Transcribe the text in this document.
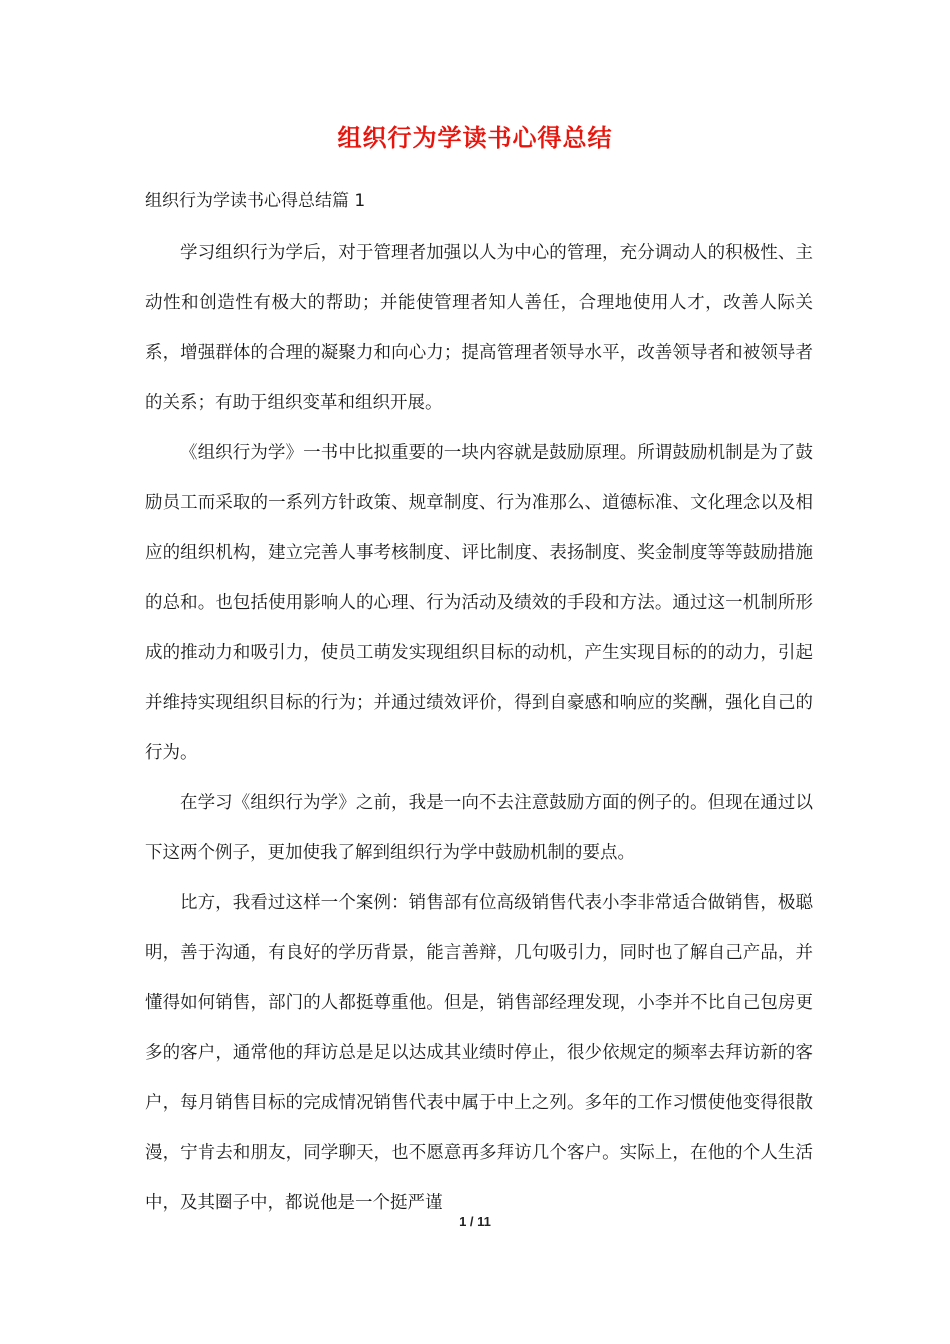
组织行为学读书心得总结
组织行为学读书心得总结篇 1

学习组织行为学后，对于管理者加强以人为中心的管理，充分调动人的积极性、主动性和创造性有极大的帮助；并能使管理者知人善任，合理地使用人才，改善人际关系，增强群体的合理的凝聚力和向心力；提高管理者领导水平，改善领导者和被领导者的关系；有助于组织变革和组织开展。

《组织行为学》一书中比拟重要的一块内容就是鼓励原理。所谓鼓励机制是为了鼓励员工而采取的一系列方针政策、规章制度、行为准那么、道德标准、文化理念以及相应的组织机构，建立完善人事考核制度、评比制度、表扬制度、奖金制度等等鼓励措施的总和。也包括使用影响人的心理、行为活动及绩效的手段和方法。通过这一机制所形成的推动力和吸引力，使员工萌发实现组织目标的动机，产生实现目标的的动力，引起并维持实现组织目标的行为；并通过绩效评价，得到自豪感和响应的奖酬，强化自己的行为。

在学习《组织行为学》之前，我是一向不去注意鼓励方面的例子的。但现在通过以下这两个例子，更加使我了解到组织行为学中鼓励机制的要点。

比方，我看过这样一个案例：销售部有位高级销售代表小李非常适合做销售，极聪明，善于沟通，有良好的学历背景，能言善辩，几句吸引力，同时也了解自己产品，并懂得如何销售，部门的人都挺尊重他。但是，销售部经理发现，小李并不比自己包房更多的客户，通常他的拜访总是足以达成其业绩时停止，很少依规定的频率去拜访新的客户，每月销售目标的完成情况销售代表中属于中上之列。多年的工作习惯使他变得很散漫，宁肯去和朋友，同学聊天，也不愿意再多拜访几个客户。实际上，在他的个人生活中，及其圈子中，都说他是一个挺严谨

1 / 11
